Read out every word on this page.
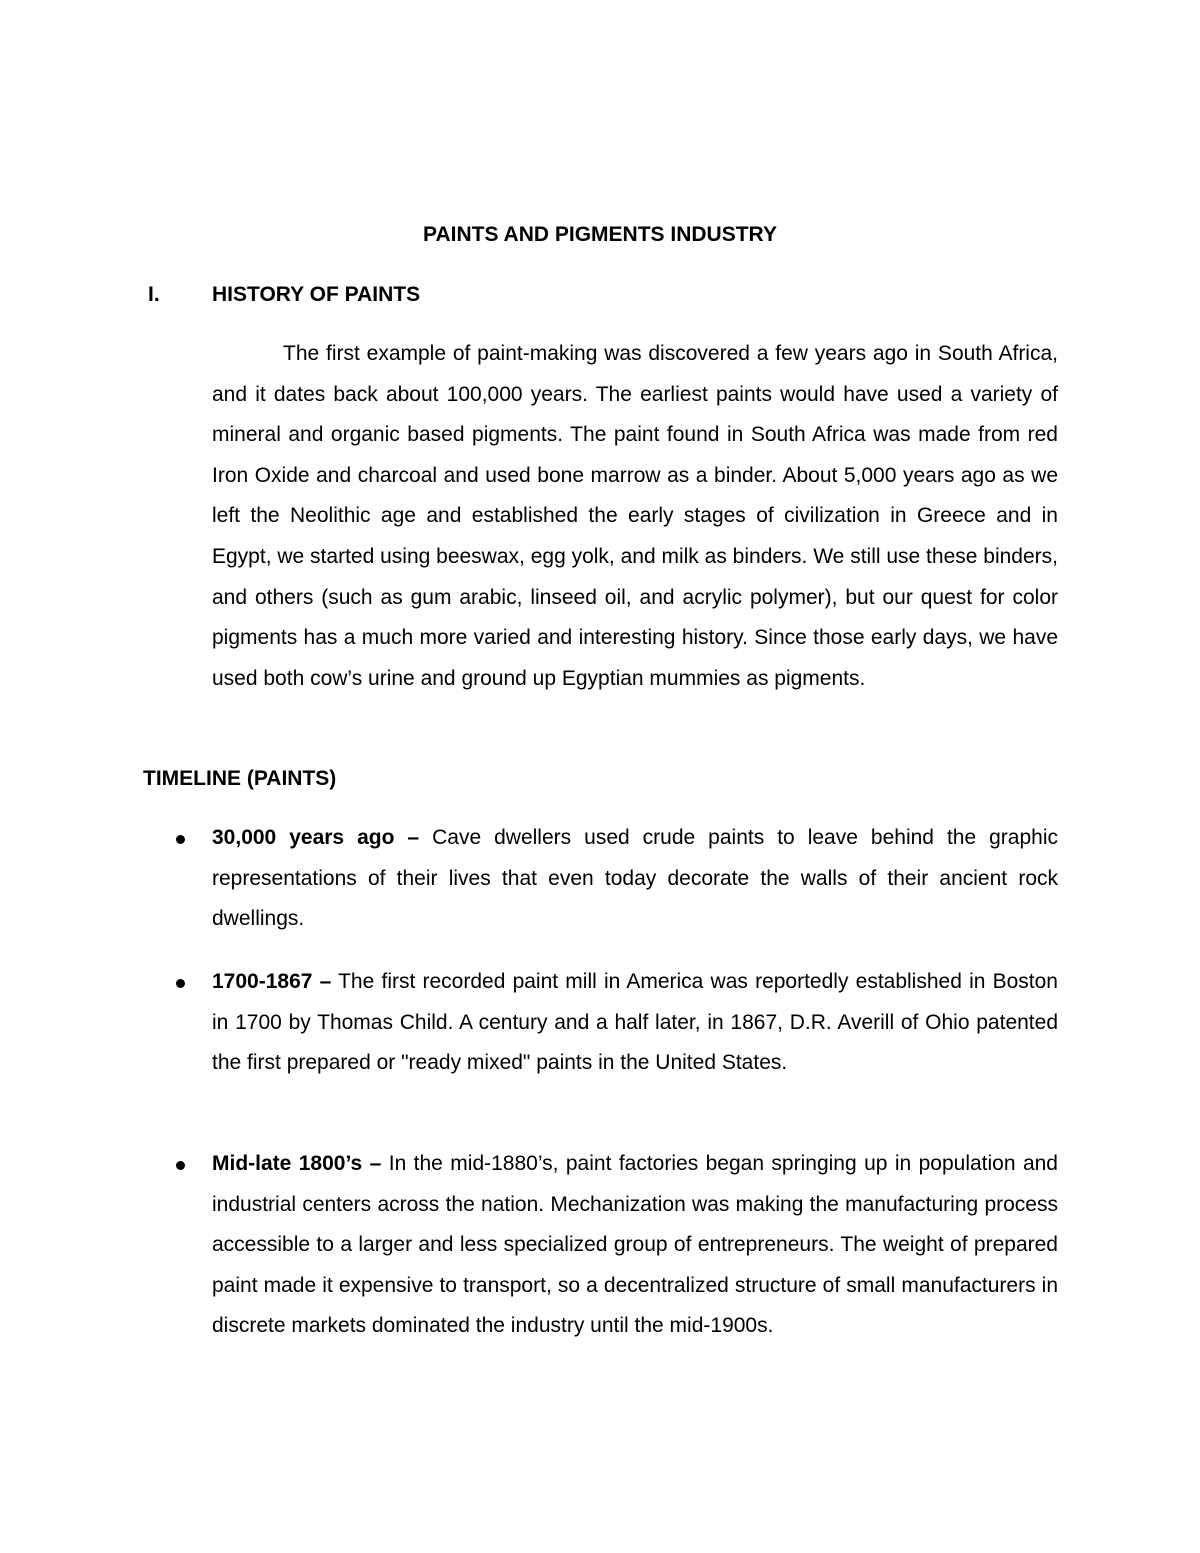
PAINTS AND PIGMENTS INDUSTRY
I. HISTORY OF PAINTS

The first example of paint-making was discovered a few years ago in South Africa, and it dates back about 100,000 years. The earliest paints would have used a variety of mineral and organic based pigments. The paint found in South Africa was made from red Iron Oxide and charcoal and used bone marrow as a binder. About 5,000 years ago as we left the Neolithic age and established the early stages of civilization in Greece and in Egypt, we started using beeswax, egg yolk, and milk as binders. We still use these binders, and others (such as gum arabic, linseed oil, and acrylic polymer), but our quest for color pigments has a much more varied and interesting history. Since those early days, we have used both cow’s urine and ground up Egyptian mummies as pigments.

TIMELINE (PAINTS)
30,000 years ago – Cave dwellers used crude paints to leave behind the graphic representations of their lives that even today decorate the walls of their ancient rock dwellings.
1700-1867 – The first recorded paint mill in America was reportedly established in Boston in 1700 by Thomas Child. A century and a half later, in 1867, D.R. Averill of Ohio patented the first prepared or "ready mixed" paints in the United States.
Mid-late 1800’s – In the mid-1880’s, paint factories began springing up in population and industrial centers across the nation. Mechanization was making the manufacturing process accessible to a larger and less specialized group of entrepreneurs. The weight of prepared paint made it expensive to transport, so a decentralized structure of small manufacturers in discrete markets dominated the industry until the mid-1900s.
